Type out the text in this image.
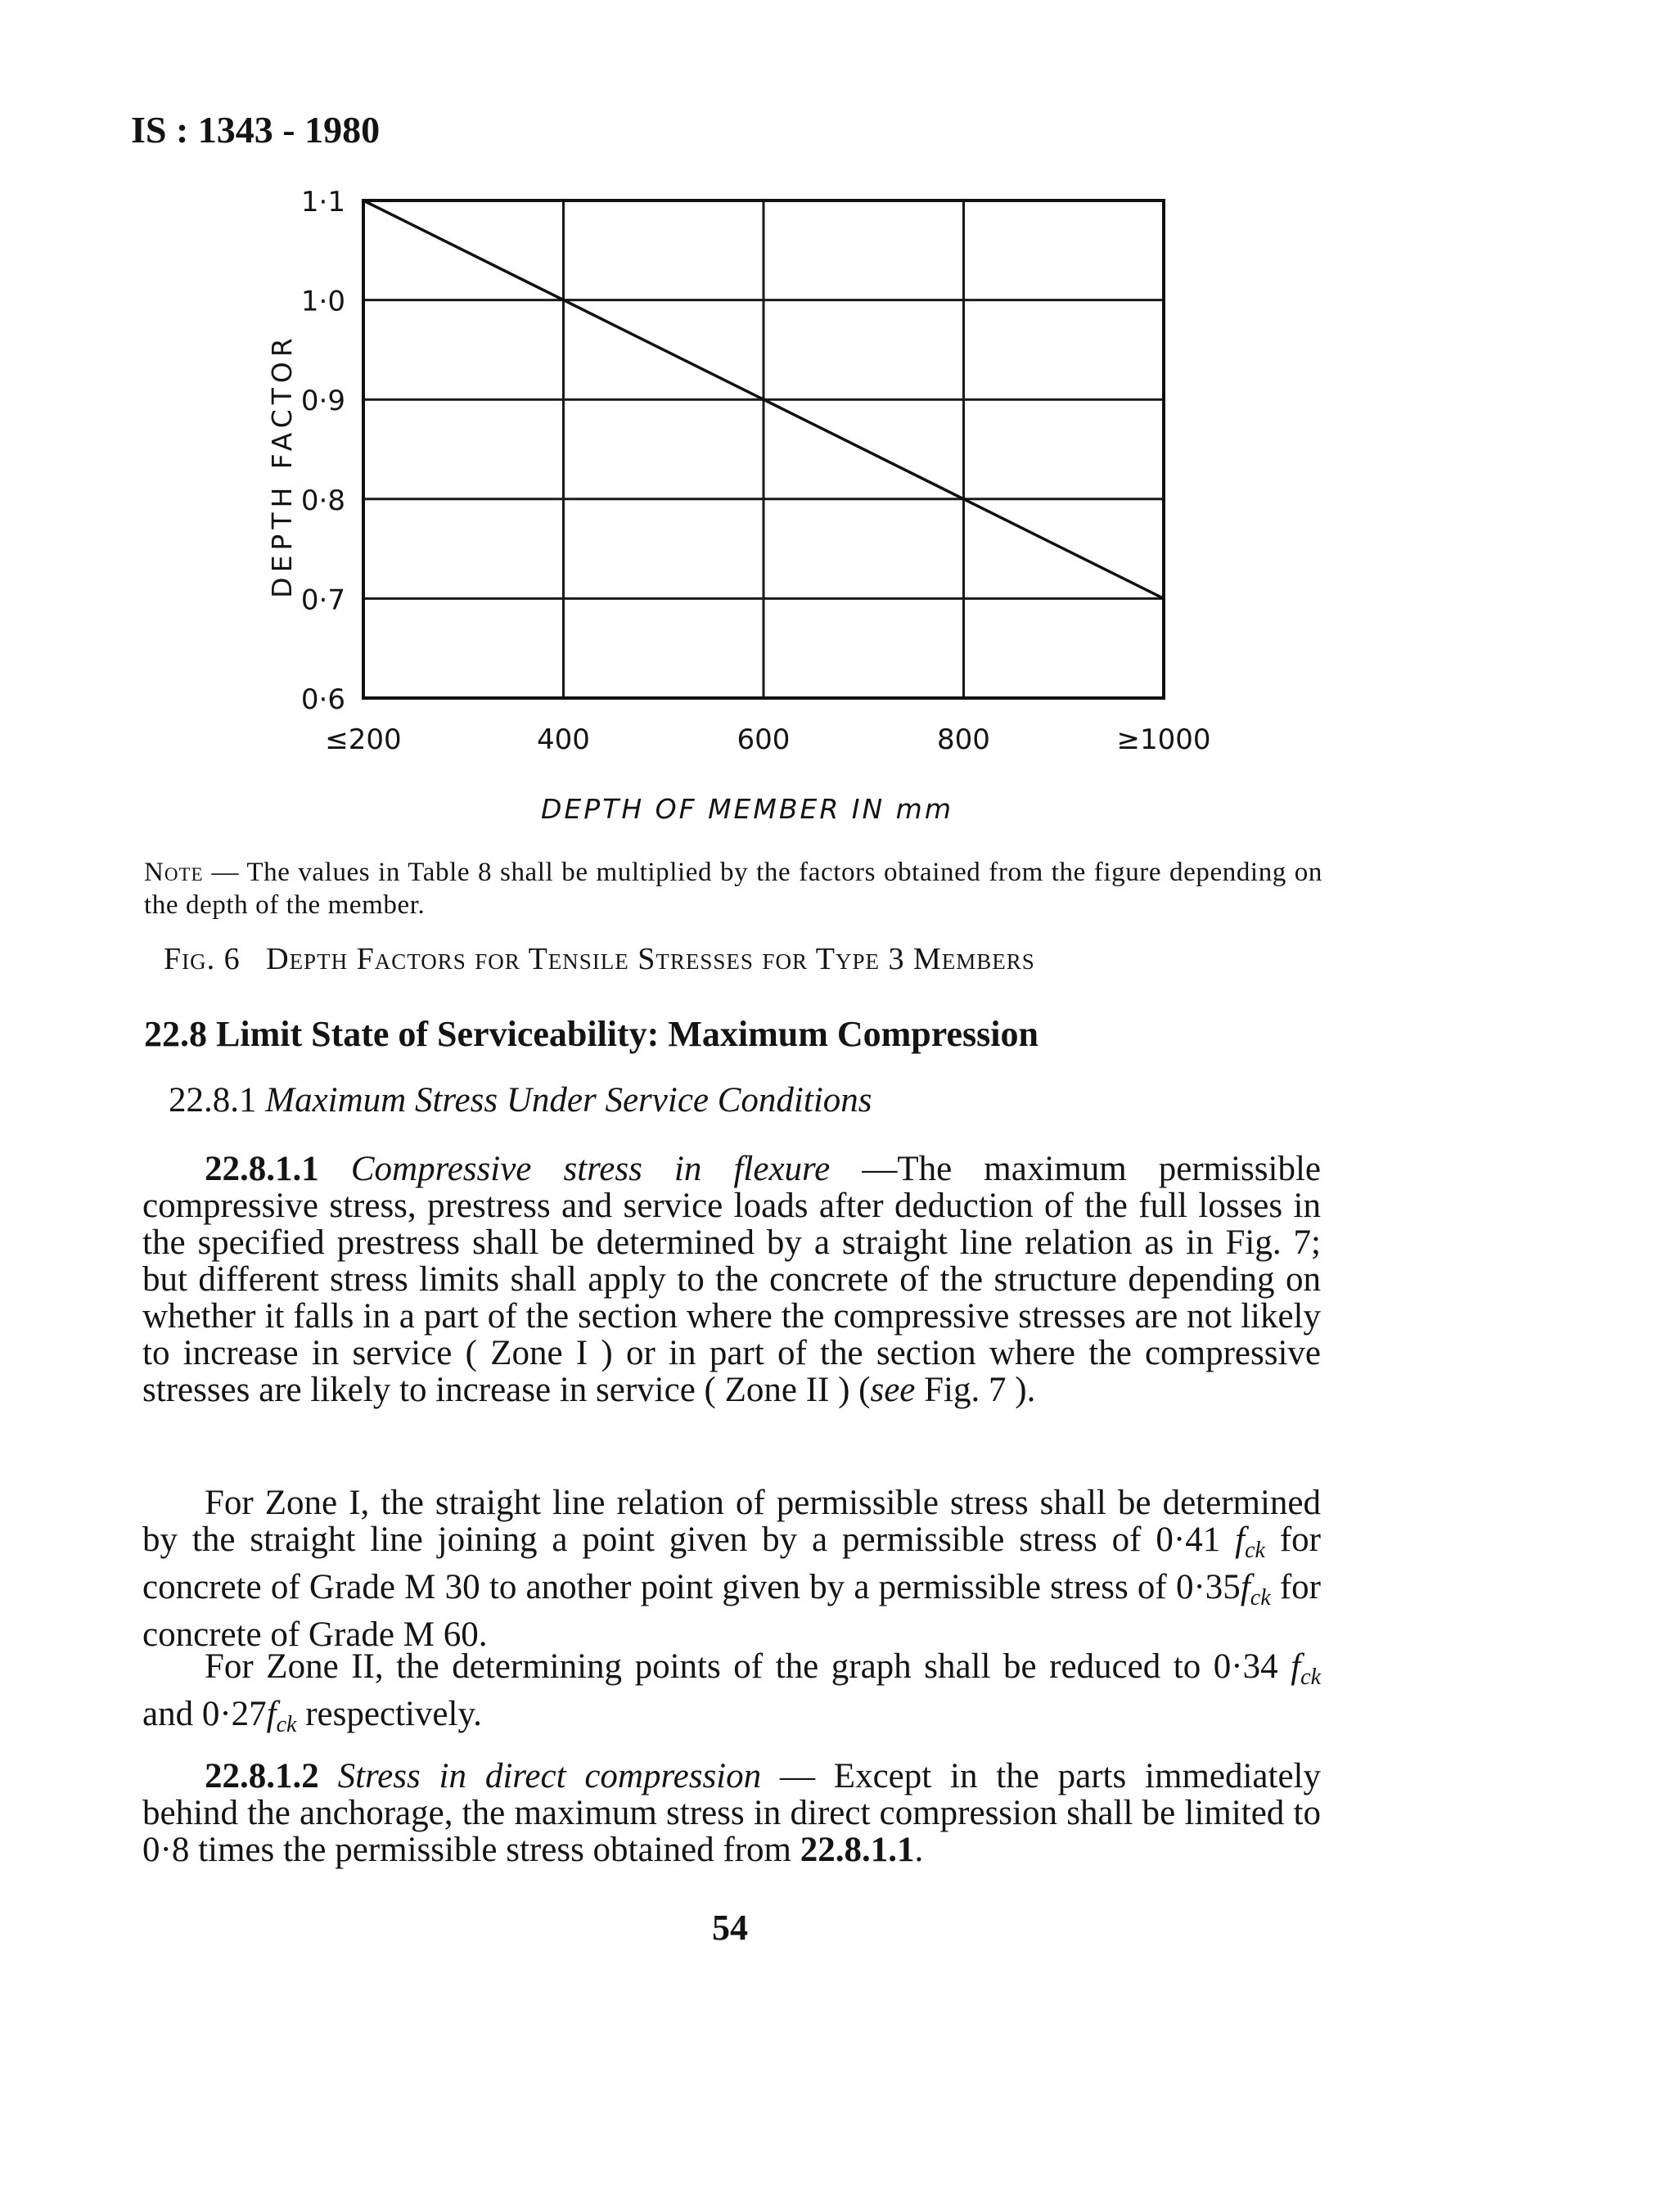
IS : 1343 - 1980
1·1
1·0
0·9
0·8
0·7
0·6
≤200	400	600	800	≥1000
DEPTH OF MEMBER IN mm
DEPTH FACTOR
Note — The values in Table 8 shall be multiplied by the factors obtained from the figure depending on the depth of the member.
Fig. 6 Depth Factors for Tensile Stresses for Type 3 Members
22.8 Limit State of Serviceability: Maximum Compression
22.8.1 Maximum Stress Under Service Conditions
22.8.1.1 Compressive stress in flexure —The maximum permissible compressive stress, prestress and service loads after deduction of the full losses in the specified prestress shall be determined by a straight line relation as in Fig. 7; but different stress limits shall apply to the concrete of the structure depending on whether it falls in a part of the section where the compressive stresses are not likely to increase in service ( Zone I ) or in part of the section where the compressive stresses are likely to increase in service ( Zone II ) (see Fig. 7 ).
For Zone I, the straight line relation of permissible stress shall be determined by the straight line joining a point given by a permissible stress of 0·41 $f_{ck}$ for concrete of Grade M 30 to another point given by a permissible stress of $0\cdot 35f_{ck}$ for concrete of Grade M 60.
For Zone II, the determining points of the graph shall be reduced to 0·34 $f_{ck}$ and $0\cdot 27f_{ck}$ respectively.
22.8.1.2 Stress in direct compression — Except in the parts immediately behind the anchorage, the maximum stress in direct compression shall be limited to 0·8 times the permissible stress obtained from 22.8.1.1.
54
